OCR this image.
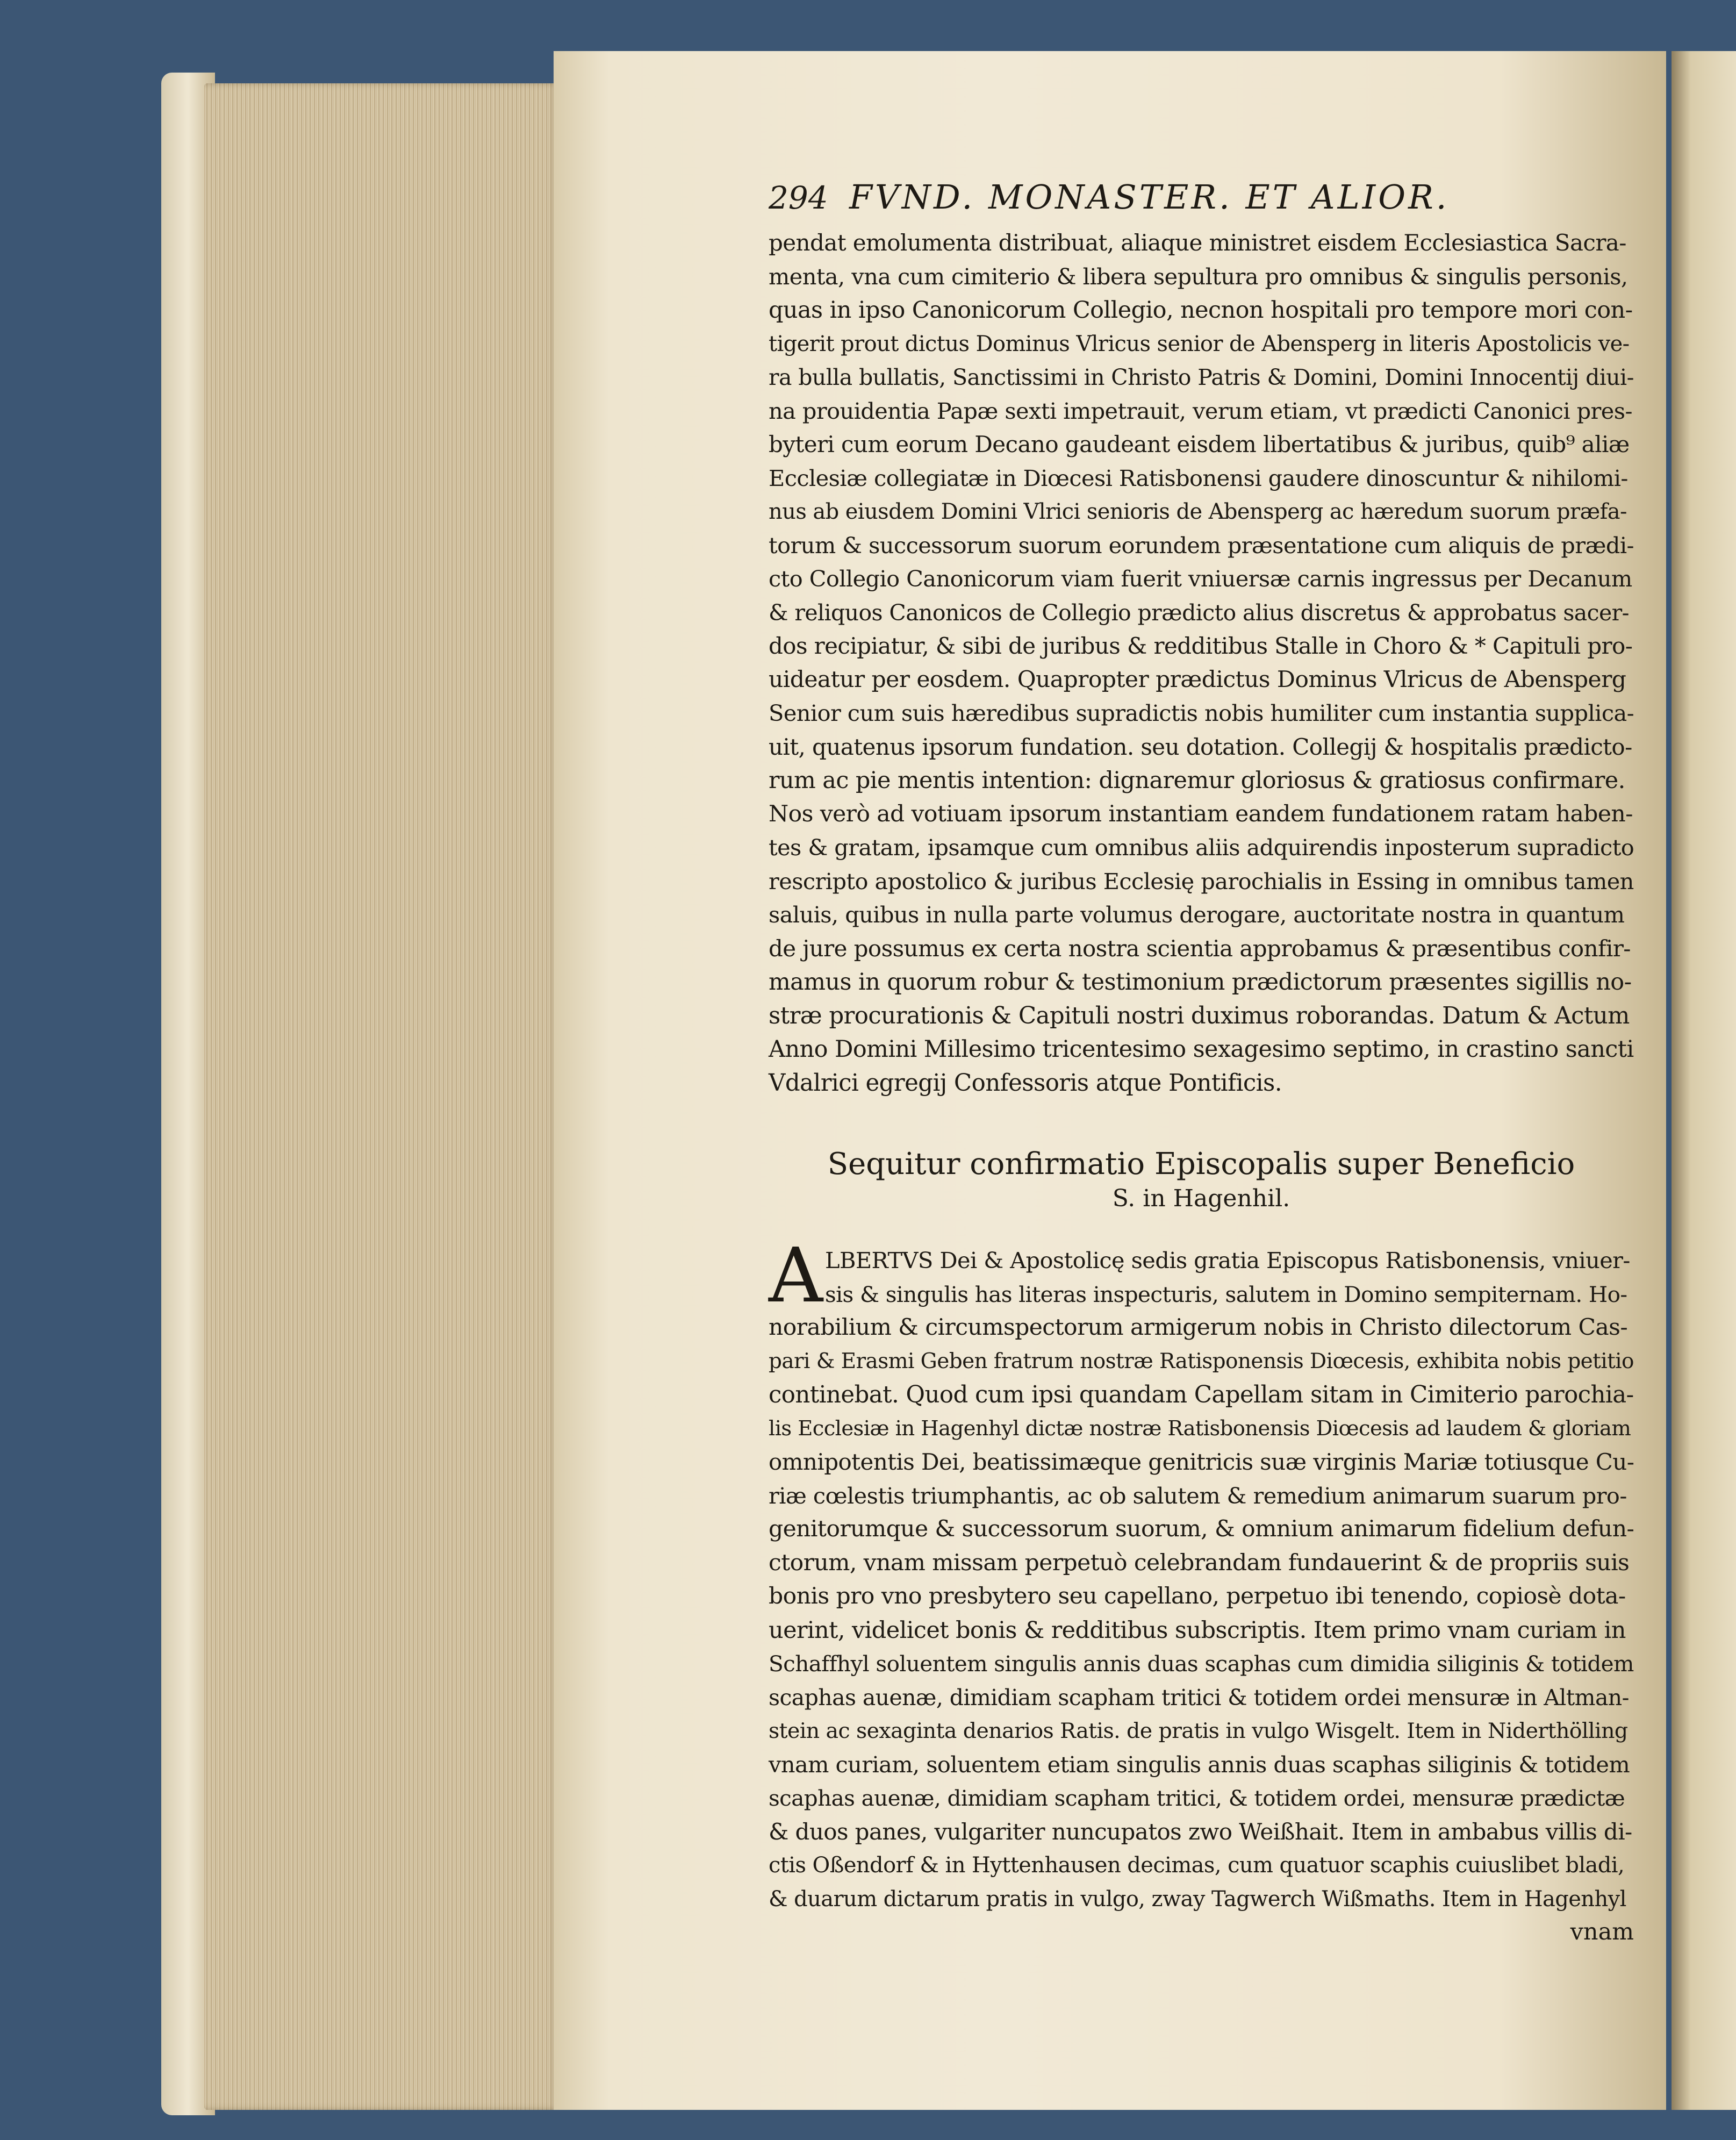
294 FVND. MONASTER. ET ALIOR.
pendat emolumenta distribuat, aliaque ministret eisdem Ecclesiastica Sacra-
menta, vna cum cimiterio & libera sepultura pro omnibus & singulis personis,
quas in ipso Canonicorum Collegio, necnon hospitali pro tempore mori con-
tigerit prout dictus Dominus Vlricus senior de Abensperg in literis Apostolicis ve-
ra bulla bullatis, Sanctissimi in Christo Patris & Domini, Domini Innocentij diui-
na prouidentia Papæ sexti impetrauit, verum etiam, vt prædicti Canonici pres-
byteri cum eorum Decano gaudeant eisdem libertatibus & juribus, quib⁹ aliæ
Ecclesiæ collegiatæ in Diœcesi Ratisbonensi gaudere dinoscuntur & nihilomi-
nus ab eiusdem Domini Vlrici senioris de Abensperg ac hæredum suorum præfa-
torum & successorum suorum eorundem præsentatione cum aliquis de prædi-
cto Collegio Canonicorum viam fuerit vniuersæ carnis ingressus per Decanum
& reliquos Canonicos de Collegio prædicto alius discretus & approbatus sacer-
dos recipiatur, & sibi de juribus & redditibus Stalle in Choro & * Capituli pro-
uideatur per eosdem. Quapropter prædictus Dominus Vlricus de Abensperg
Senior cum suis hæredibus supradictis nobis humiliter cum instantia supplica-
uit, quatenus ipsorum fundation. seu dotation. Collegij & hospitalis prædicto-
rum ac pie mentis intention: dignaremur gloriosus & gratiosus confirmare.
Nos verò ad votiuam ipsorum instantiam eandem fundationem ratam haben-
tes & gratam, ipsamque cum omnibus aliis adquirendis inposterum supradicto
rescripto apostolico & juribus Ecclesię parochialis in Essing in omnibus tamen
saluis, quibus in nulla parte volumus derogare, auctoritate nostra in quantum
de jure possumus ex certa nostra scientia approbamus & præsentibus confir-
mamus in quorum robur & testimonium prædictorum præsentes sigillis no-
stræ procurationis & Capituli nostri duximus roborandas. Datum & Actum
Anno Domini Millesimo tricentesimo sexagesimo septimo, in crastino sancti
Vdalrici egregij Confessoris atque Pontificis.
Sequitur confirmatio Episcopalis super Beneficio
S. in Hagenhil.
A LBERTVS Dei & Apostolicę sedis gratia Episcopus Ratisbonensis, vniuer-
sis & singulis has literas inspecturis, salutem in Domino sempiternam. Ho-
norabilium & circumspectorum armigerum nobis in Christo dilectorum Cas-
pari & Erasmi Geben fratrum nostræ Ratisponensis Diœcesis, exhibita nobis petitio
continebat. Quod cum ipsi quandam Capellam sitam in Cimiterio parochia-
lis Ecclesiæ in Hagenhyl dictæ nostræ Ratisbonensis Diœcesis ad laudem & gloriam
omnipotentis Dei, beatissimæque genitricis suæ virginis Mariæ totiusque Cu-
riæ cœlestis triumphantis, ac ob salutem & remedium animarum suarum pro-
genitorumque & successorum suorum, & omnium animarum fidelium defun-
ctorum, vnam missam perpetuò celebrandam fundauerint & de propriis suis
bonis pro vno presbytero seu capellano, perpetuo ibi tenendo, copiosè dota-
uerint, videlicet bonis & redditibus subscriptis. Item primo vnam curiam in
Schaffhyl soluentem singulis annis duas scaphas cum dimidia siliginis & totidem
scaphas auenæ, dimidiam scapham tritici & totidem ordei mensuræ in Altman-
stein ac sexaginta denarios Ratis. de pratis in vulgo Wisgelt. Item in Niderthölling
vnam curiam, soluentem etiam singulis annis duas scaphas siliginis & totidem
scaphas auenæ, dimidiam scapham tritici, & totidem ordei, mensuræ prædictæ
& duos panes, vulgariter nuncupatos zwo Weißhait. Item in ambabus villis di-
ctis Oßendorf & in Hyttenhausen decimas, cum quatuor scaphis cuiuslibet bladi,
& duarum dictarum pratis in vulgo, zway Tagwerch Wißmaths. Item in Hagenhyl
vnam
